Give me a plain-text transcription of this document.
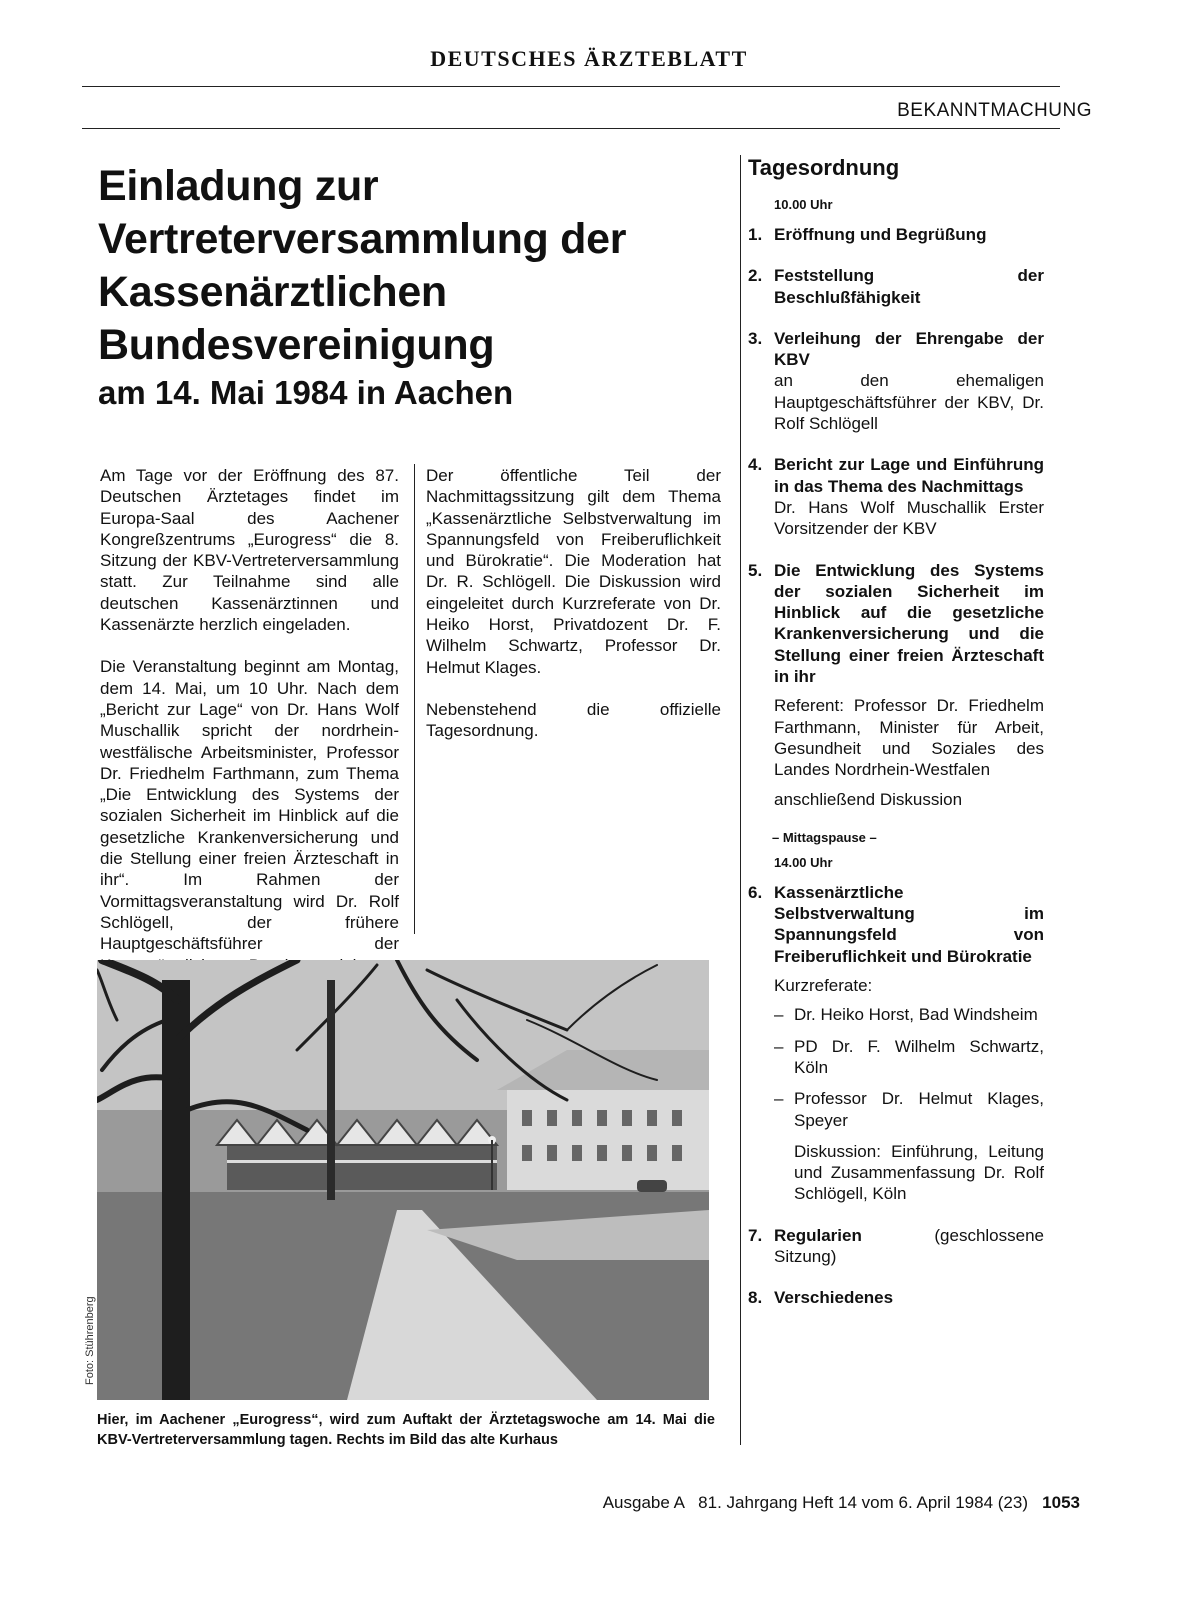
DEUTSCHES ÄRZTEBLATT
BEKANNTMACHUNG
Einladung zur Vertreterversammlung der Kassenärztlichen Bundesvereinigung
am 14. Mai 1984 in Aachen

Am Tage vor der Eröffnung des 87. Deutschen Ärztetages findet im Europa-Saal des Aachener Kongreßzentrums „Eurogress“ die 8. Sitzung der KBV-Vertreterversammlung statt. Zur Teilnahme sind alle deutschen Kassenärztinnen und Kassenärzte herzlich eingeladen.

Die Veranstaltung beginnt am Montag, dem 14. Mai, um 10 Uhr. Nach dem „Bericht zur Lage“ von Dr. Hans Wolf Muschallik spricht der nordrhein-westfälische Arbeitsminister, Professor Dr. Friedhelm Farthmann, zum Thema „Die Entwicklung des Systems der sozialen Sicherheit im Hinblick auf die gesetzliche Krankenversicherung und die Stellung einer freien Ärzteschaft in ihr“. Im Rahmen der Vormittagsveranstaltung wird Dr. Rolf Schlögell, der frühere Hauptgeschäftsführer der

Der öffentliche Teil der Nachmittagssitzung gilt dem Thema „Kassenärztliche Selbstverwaltung im Spannungsfeld von Freiberuflichkeit und Bürokratie“. Die Moderation hat Dr. R. Schlögell. Die Diskussion wird eingeleitet durch Kurzreferate von Dr. Heiko Horst, Privatdozent Dr. F. Wilhelm Schwartz, Professor Dr. Helmut Klages.

Nebenstehend die offizielle Tagesordnung.

Foto: Stührenberg
Hier, im Aachener „Eurogress“, wird zum Auftakt der Ärztetagswoche am 14. Mai die KBV-Vertreterversammlung tagen. Rechts im Bild das alte Kurhaus
Tagesordnung
10.00 Uhr
1. Eröffnung und Begrüßung
2. Feststellung der Beschlußfähigkeit
3. Verleihung der Ehrengabe der KBV
an den ehemaligen Hauptgeschäftsführer der KBV, Dr. Rolf Schlögell
4. Bericht zur Lage und Einführung in das Thema des Nachmittags
Dr. Hans Wolf Muschallik Erster Vorsitzender der KBV
5. Die Entwicklung des Systems der sozialen Sicherheit im Hinblick auf die gesetzliche Krankenversicherung und die Stellung einer freien Ärzteschaft in ihr
Referent: Professor Dr. Friedhelm Farthmann, Minister für Arbeit, Gesundheit und Soziales des Landes Nordrhein-Westfalen
anschließend Diskussion
– Mittagspause –
14.00 Uhr
6. Kassenärztliche Selbstverwaltung im Spannungsfeld von Freiberuflichkeit und Bürokratie
Kurzreferate:
– Dr. Heiko Horst, Bad Windsheim
– PD Dr. F. Wilhelm Schwartz, Köln
– Professor Dr. Helmut Klages, Speyer
Diskussion: Einführung, Leitung und Zusammenfassung Dr. Rolf Schlögell, Köln
7. Regularien	(geschlossene Sitzung)
8. Verschiedenes
Ausgabe A   81. Jahrgang Heft 14 vom 6. April 1984 (23) 1053
